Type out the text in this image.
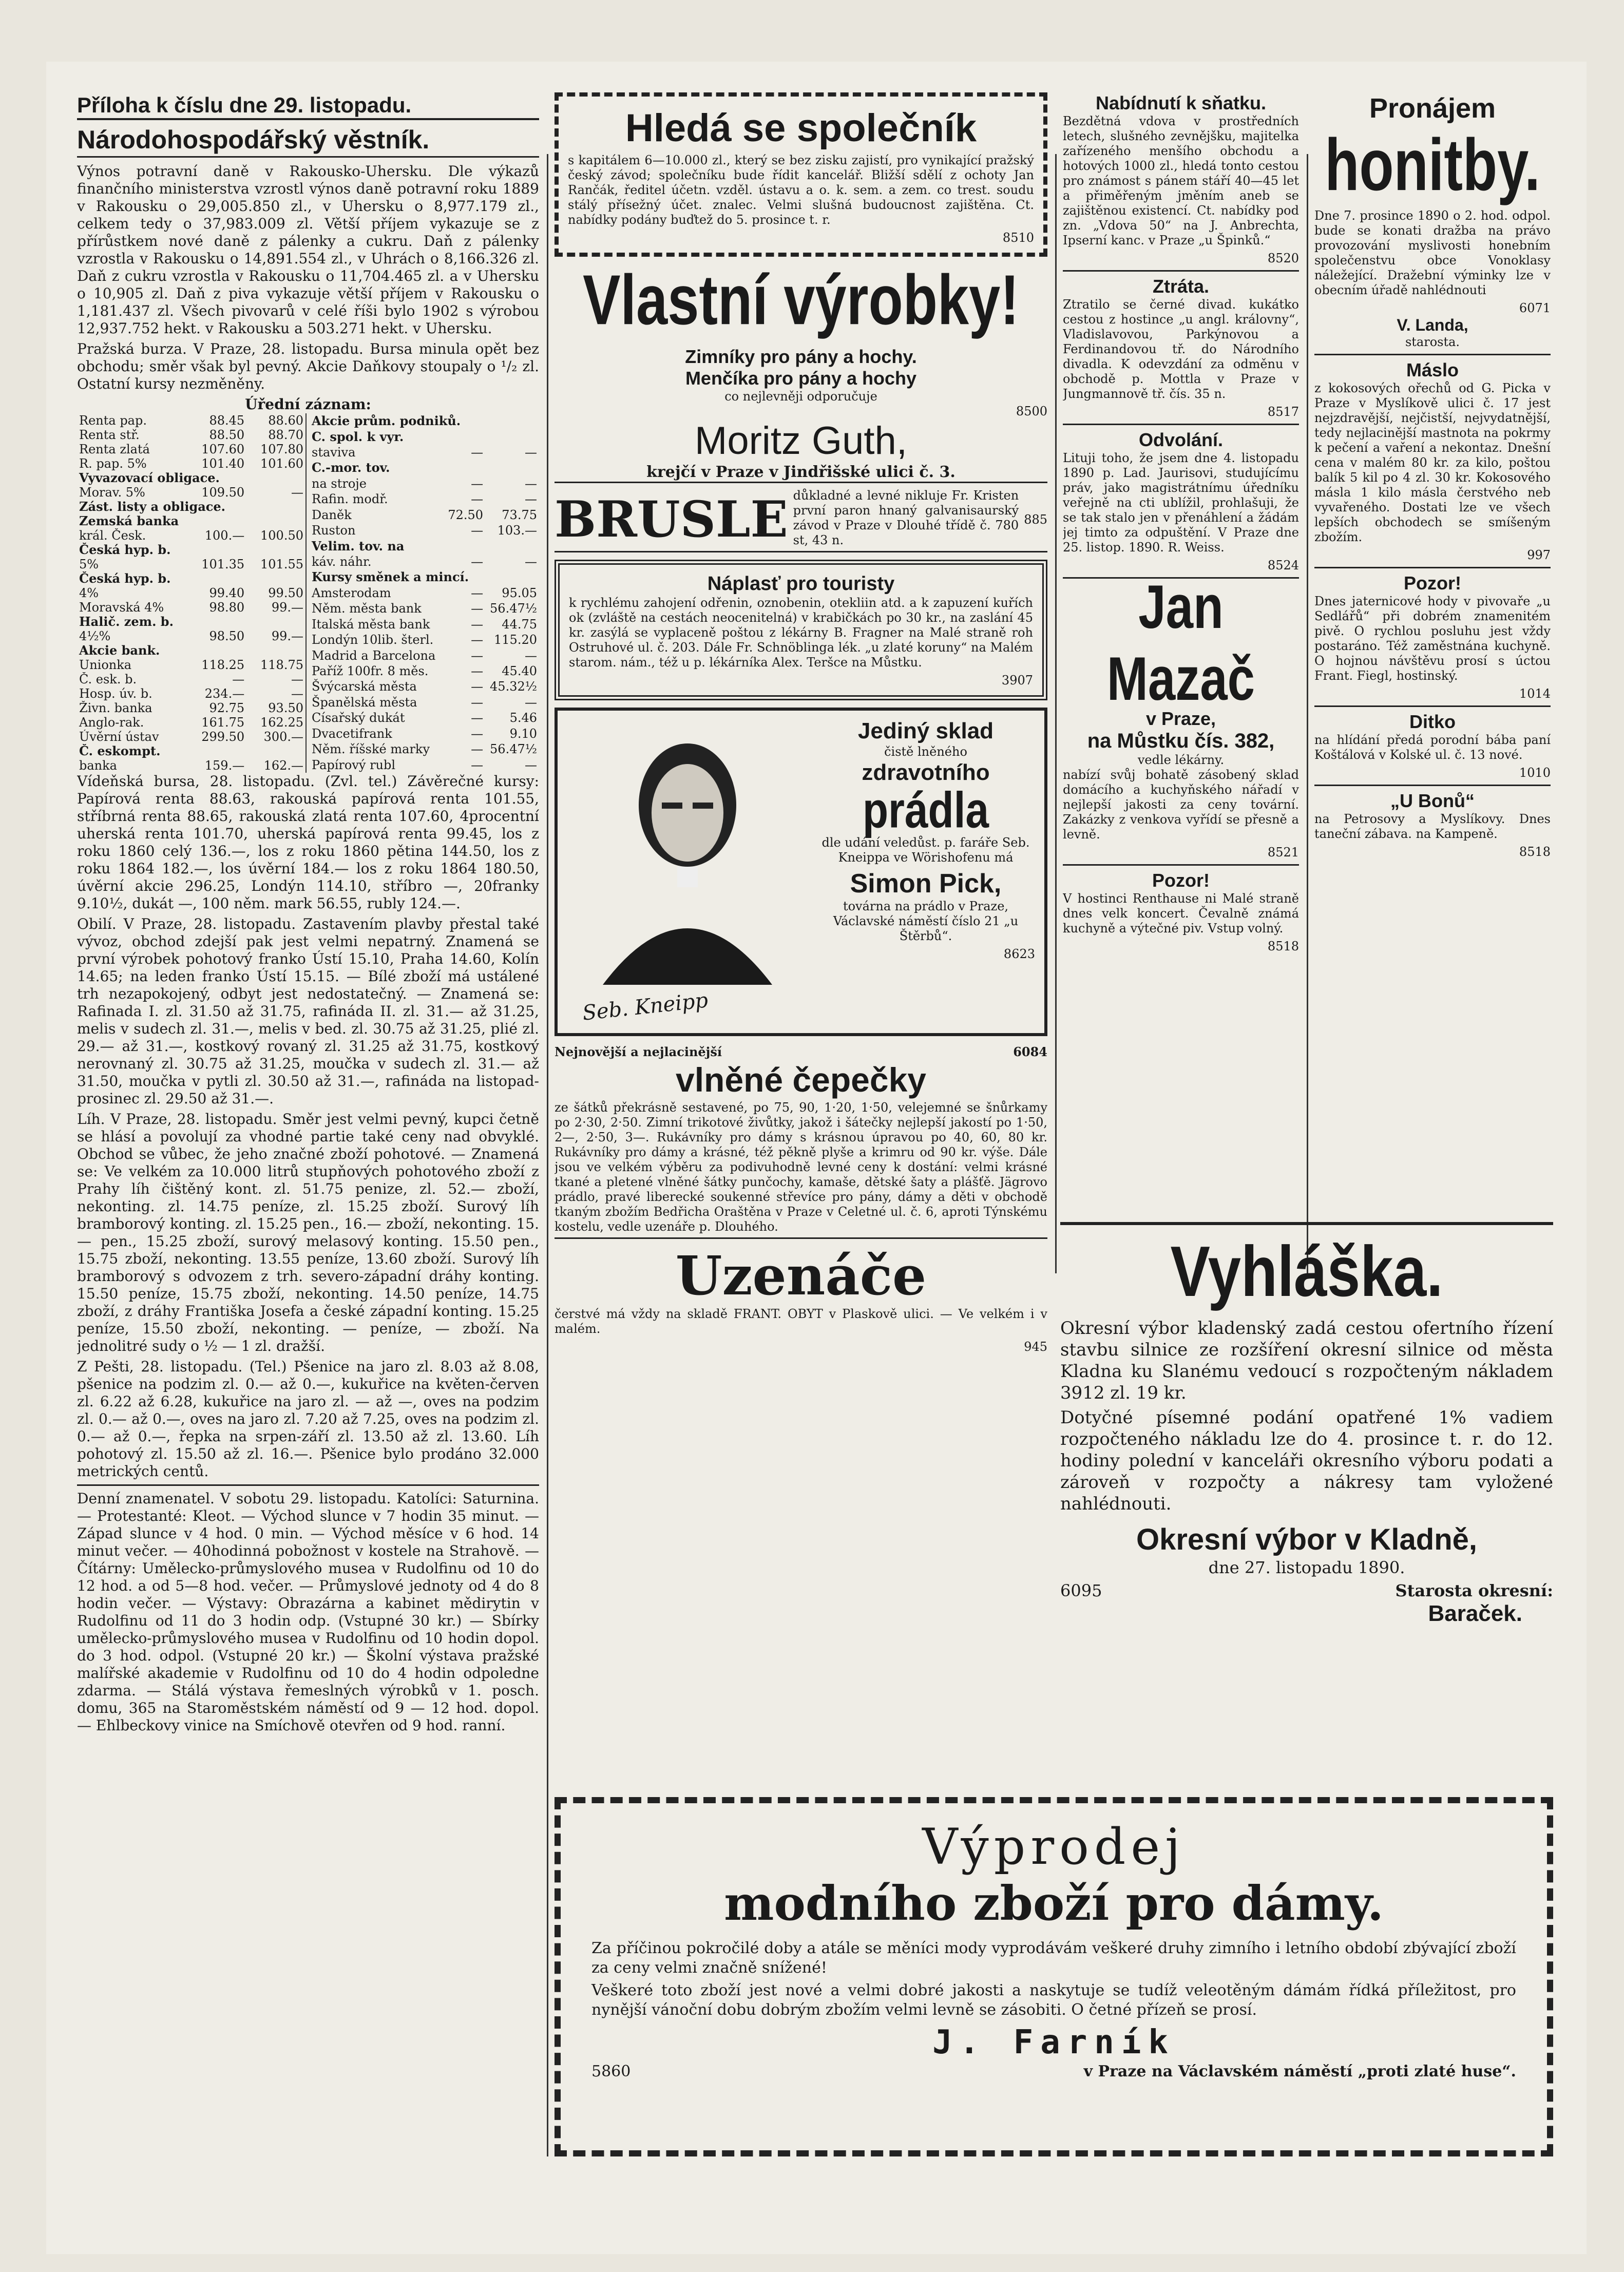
Příloha k číslu dne 29. listopadu.
Národohospodářský věstník.

Výnos potravní daně v Rakousko-Uhersku. Dle výkazů finančního ministerstva vzrostl výnos daně potravní roku 1889 v Rakousku o 29,005.850 zl., v Uhersku o 8,977.179 zl., celkem tedy o 37,983.009 zl. Větší příjem vykazuje se z přírůstkem nové daně z pálenky a cukru. Daň z pálenky vzrostla v Rakousku o 14,891.554 zl., v Uhrách o 8,166.326 zl. Daň z cukru vzrostla v Rakousku o 11,704.465 zl. a v Uhersku o 10,905 zl. Daň z piva vykazuje větší příjem v Rakousku o 1,181.437 zl. Všech pivovarů v celé říši bylo 1902 s výrobou 12,937.752 hekt. v Rakousku a 503.271 hekt. v Uhersku.

Pražská burza. V Praze, 28. listopadu. Bursa minula opět bez obchodu; směr však byl pevný. Akcie Daňkovy stoupaly o ¹/₂ zl. Ostatní kursy nezměněny.

Úřední záznam:
Renta pap.	88.45	88.60
Renta stř.	88.50	88.70
Renta zlatá	107.60	107.80
R. pap. 5%	101.40	101.60
Vyvazovací obligace.		
Morav. 5%	109.50	—
Zást. listy a obligace.		
Zemská banka		
král. Česk.	100.—	100.50
Česká hyp. b.		
5%	101.35	101.55
Česká hyp. b.		
4%	99.40	99.50
Moravská 4%	98.80	99.—
Halič. zem. b.		
4½%	98.50	99.—
Akcie bank.		
Unionka	118.25	118.75
Č. esk. b.	—	—
Hosp. úv. b.	234.—	—
Živn. banka	92.75	93.50
Anglo-rak.	161.75	162.25
Úvěrní ústav	299.50	300.—
Č. eskompt.		
banka	159.—	162.—
Akcie prům. podniků.		
C. spol. k vyr.		
staviva	—	—
C.-mor. tov.		
na stroje	—	—
Rafin. modř.	—	—
Daněk	72.50	73.75
Ruston	—	103.—
Velim. tov. na		
káv. náhr.	—	—
Kursy směnek a mincí.		
Amsterodam	—	95.05
Něm. města bank	—	56.47½
Italská města bank	—	44.75
Londýn 10lib. šterl.	—	115.20
Madrid a Barcelona	—	—
Paříž 100fr. 8 měs.	—	45.40
Švýcarská města	—	45.32½
Španělská města	—	—
Císařský dukát	—	5.46
Dvacetifrank	—	9.10
Něm. říšské marky	—	56.47½
Papírový rubl	—	—

Vídeňská bursa, 28. listopadu. (Zvl. tel.) Závěrečné kursy: Papírová renta 88.63, rakouská papírová renta 101.55, stříbrná renta 88.65, rakouská zlatá renta 107.60, 4procentní uherská renta 101.70, uherská papírová renta 99.45, los z roku 1860 celý 136.—, los z roku 1860 pětina 144.50, los z roku 1864 182.—, los úvěrní 184.— los z roku 1864 180.50, úvěrní akcie 296.25, Londýn 114.10, stříbro —, 20franky 9.10½, dukát —, 100 něm. mark 56.55, rubly 124.—.

Obilí. V Praze, 28. listopadu. Zastavením plavby přestal také vývoz, obchod zdejší pak jest velmi nepatrný. Znamená se první výrobek pohotový franko Ústí 15.10, Praha 14.60, Kolín 14.65; na leden franko Ústí 15.15. — Bílé zboží má ustálené trh nezapokojený, odbyt jest nedostatečný. — Znamená se: Rafinada I. zl. 31.50 až 31.75, rafináda II. zl. 31.— až 31.25, melis v sudech zl. 31.—, melis v bed. zl. 30.75 až 31.25, plié zl. 29.— až 31.—, kostkový rovaný zl. 31.25 až 31.75, kostkový nerovnaný zl. 30.75 až 31.25, moučka v sudech zl. 31.— až 31.50, moučka v pytli zl. 30.50 až 31.—, rafináda na listopad-prosinec zl. 29.50 až 31.—.

Líh. V Praze, 28. listopadu. Směr jest velmi pevný, kupci četně se hlásí a povolují za vhodné partie také ceny nad obvyklé. Obchod se vůbec, že jeho značné zboží pohotové. — Znamená se: Ve velkém za 10.000 litrů stupňových pohotového zboží z Prahy líh čištěný kont. zl. 51.75 penize, zl. 52.— zboží, nekonting. zl. 14.75 peníze, zl. 15.25 zboží. Surový líh bramborový konting. zl. 15.25 pen., 16.— zboží, nekonting. 15.— pen., 15.25 zboží, surový melasový konting. 15.50 pen., 15.75 zboží, nekonting. 13.55 peníze, 13.60 zboží. Surový líh bramborový s odvozem z trh. severo-západní dráhy konting. 15.50 peníze, 15.75 zboží, nekonting. 14.50 peníze, 14.75 zboží, z dráhy Františka Josefa a české západní konting. 15.25 peníze, 15.50 zboží, nekonting. — peníze, — zboží. Na jednolitré sudy o ½ — 1 zl. dražší.

Z Pešti, 28. listopadu. (Tel.) Pšenice na jaro zl. 8.03 až 8.08, pšenice na podzim zl. 0.— až 0.—, kukuřice na květen-červen zl. 6.22 až 6.28, kukuřice na jaro zl. — až —, oves na podzim zl. 0.— až 0.—, oves na jaro zl. 7.20 až 7.25, oves na podzim zl. 0.— až 0.—, řepka na srpen-září zl. 13.50 až zl. 13.60. Líh pohotový zl. 15.50 až zl. 16.—. Pšenice bylo prodáno 32.000 metrických centů.

Denní znamenatel. V sobotu 29. listopadu. Katolíci: Saturnina. — Protestanté: Kleot. — Východ slunce v 7 hodin 35 minut. — Západ slunce v 4 hod. 0 min. — Východ měsíce v 6 hod. 14 minut večer. — 40hodinná pobožnost v kostele na Strahově. — Čítárny: Umělecko-průmyslového musea v Rudolfinu od 10 do 12 hod. a od 5—8 hod. večer. — Průmyslové jednoty od 4 do 8 hodin večer. — Výstavy: Obrazárna a kabinet mědirytin v Rudolfinu od 11 do 3 hodin odp. (Vstupné 30 kr.) — Sbírky umělecko-průmyslového musea v Rudolfinu od 10 hodin dopol. do 3 hod. odpol. (Vstupné 20 kr.) — Školní výstava pražské malířské akademie v Rudolfinu od 10 do 4 hodin odpoledne zdarma. — Stálá výstava řemeslných výrobků v 1. posch. domu, 365 na Staroměstském náměstí od 9 — 12 hod. dopol. — Ehlbeckovy vinice na Smíchově otevřen od 9 hod. ranní.

Hledá se společník

s kapitálem 6—10.000 zl., který se bez zisku zajistí, pro vynikající pražský český závod; společníku bude řídit kancelář. Bližší sdělí z ochoty Jan Rančák, ředitel účetn. vzděl. ústavu a o. k. sem. a zem. co trest. soudu stálý přísežný účet. znalec. Velmi slušná budoucnost zajištěna. Ct. nabídky podány buďtež do 5. prosince t. r.

8510
Vlastní výrobky!
Zimníky pro pány a hochy.
Menčíka pro pány a hochy
co nejlevněji odporučuje
8500
Moritz Guth,
krejčí v Praze v Jindřišské ulici č. 3.
BRUSLE důkladné a levné nikluje Fr. Kristen první paron hnaný galvanisaurský závod v Praze v Dlouhé třídě č. 780 st, 43 n.
885
Náplasť pro touristy

k rychlému zahojení odřenin, oznobenin, otekliin atd. a k zapuzení kuřích ok (zvláště na cestách neocenitelná) v krabičkách po 30 kr., na zaslání 45 kr. zasýlá se vyplaceně poštou z lékárny B. Fragner na Malé straně roh Ostruhové ul. č. 203. Dále Fr. Schnöblinga lék. „u zlaté koruny“ na Malém starom. nám., též u p. lékárníka Alex. Teršce na Můstku.

3907
Seb. Kneipp
Jediný sklad
čistě lněného
zdravotního
prádla

dle udání veledůst. p. faráře Seb. Kneippa ve Wörishofenu má

Simon Pick,

továrna na prádlo v Praze, Václavské náměstí číslo 21 „u Štěrbů“.

8623
Nejnovější a nejlacinější	6084
vlněné čepečky

ze šátků překrásně sestavené, po 75, 90, 1·20, 1·50, velejemné se šnůrkamy po 2·30, 2·50. Zimní trikotové živůtky, jakož i šátečky nejlepší jakostí po 1·50, 2—, 2·50, 3—. Rukávníky pro dámy s krásnou úpravou po 40, 60, 80 kr. Rukávníky pro dámy a krásné, též pěkně plyše a krimru od 90 kr. výše. Dále jsou ve velkém výběru za podivuhodně levné ceny k dostání: velmi krásné tkané a pletené vlněné šátky punčochy, kamaše, dětské šaty a plášťě. Jägrovo prádlo, pravé liberecké soukenné střevíce pro pány, dámy a děti v obchodě tkaným zbožím Bedřicha Oraštěna v Praze v Celetné ul. č. 6, aproti Týnskému kostelu, vedle uzenáře p. Dlouhého.

Uzenáče

čerstvé má vždy na skladě FRANT. OBYT v Plaskově ulici. — Ve velkém i v malém.

945
Nabídnutí k sňatku.

Bezdětná vdova v prostředních letech, slušného zevnějšku, majitelka zařízeného menšího obchodu a hotových 1000 zl., hledá tonto cestou pro známost s pánem stáří 40—45 let a přiměřeným jměním aneb se zajištěnou existencí. Ct. nabídky pod zn. „Vdova 50“ na J. Anbrechta, Ipserní kanc. v Praze „u Špinků.“

8520
Ztráta.

Ztratilo se černé divad. kukátko cestou z hostince „u angl. královny“, Vladislavovou, Parkýnovou a Ferdinandovou tř. do Národního divadla. K odevzdání za odměnu v obchodě p. Mottla v Praze v Jungmannově tř. čís. 35 n.

8517
Odvolání.

Lituji toho, že jsem dne 4. listopadu 1890 p. Lad. Jaurisovi, studujícímu práv, jako magistrátnímu úředníku veřejně na cti ublížil, prohlašuji, že se tak stalo jen v přenáhlení a žádám jej timto za odpuštění. V Praze dne 25. listop. 1890. R. Weiss.

8524
Jan Mazač
v Praze,
na Můstku čís. 382,
vedle lékárny.

nabízí svůj bohatě zásobený sklad domácího a kuchyňského nářadí v nejlepší jakosti za ceny tovární. Zakázky z venkova vyřídí se přesně a levně.

8521
Pozor!

V hostinci Renthause ni Malé straně dnes velk koncert. Čevalně známá kuchyně a výtečné piv. Vstup volný.

8518
Pronájem
honitby.

Dne 7. prosince 1890 o 2. hod. odpol. bude se konati dražba na právo provozování myslivosti honebním společenstvu obce Vonoklasy náležející. Dražební výminky lze v obecním úřadě nahlédnouti

6071
V. Landa,
starosta.
Máslo

z kokosových ořechů od G. Picka v Praze v Myslíkově ulici č. 17 jest nejzdravější, nejčistší, nejvydatnější, tedy nejlacinější mastnota na pokrmy k pečení a vaření a nekontaz. Dnešní cena v malém 80 kr. za kilo, poštou balík 5 kil po 4 zl. 30 kr. Kokosového másla 1 kilo másla čerstvého neb vyvařeného. Dostati lze ve všech lepších obchodech se smíšeným zbožím.

997
Pozor!

Dnes jaternicové hody v pivovaře „u Sedlářů“ při dobrém znamenitém pivě. O rychlou posluhu jest vždy postaráno. Též zaměstnána kuchyně. O hojnou návštěvu prosí s úctou Frant. Fiegl, hostinský.

1014
Ditko

na hlídání předá porodní bába paní Koštálová v Kolské ul. č. 13 nové.

1010
„U Bonů“

na Petrosovy a Myslíkovy. Dnes taneční zábava. na Kampeně.

8518
Vyhláška.

Okresní výbor kladenský zadá cestou ofertního řízení stavbu silnice ze rozšíření okresní silnice od města Kladna ku Slanému vedoucí s rozpočteným nákladem 3912 zl. 19 kr.

Dotyčné písemné podání opatřené 1% vadiem rozpočteného nákladu lze do 4. prosince t. r. do 12. hodiny polední v kanceláři okresního výboru podati a zároveň v rozpočty a nákresy tam vyložené nahlédnouti.

Okresní výbor v Kladně,
dne 27. listopadu 1890.
6095	Starosta okresní:
Baraček.
Výprodej
modního zboží pro dámy.

Za příčinou pokročilé doby a atále se měníci mody vyprodávám veškeré druhy zimního i letního období zbývající zboží za ceny velmi značně snížené!

Veškeré toto zboží jest nové a velmi dobré jakosti a naskytuje se tudíž veleotěným dámám řídká příležitost, pro nynější vánoční dobu dobrým zbožím velmi levně se zásobiti. O četné přízeň se prosí.

J. Farník
5860	v Praze na Václavském náměstí „proti zlaté huse“.
